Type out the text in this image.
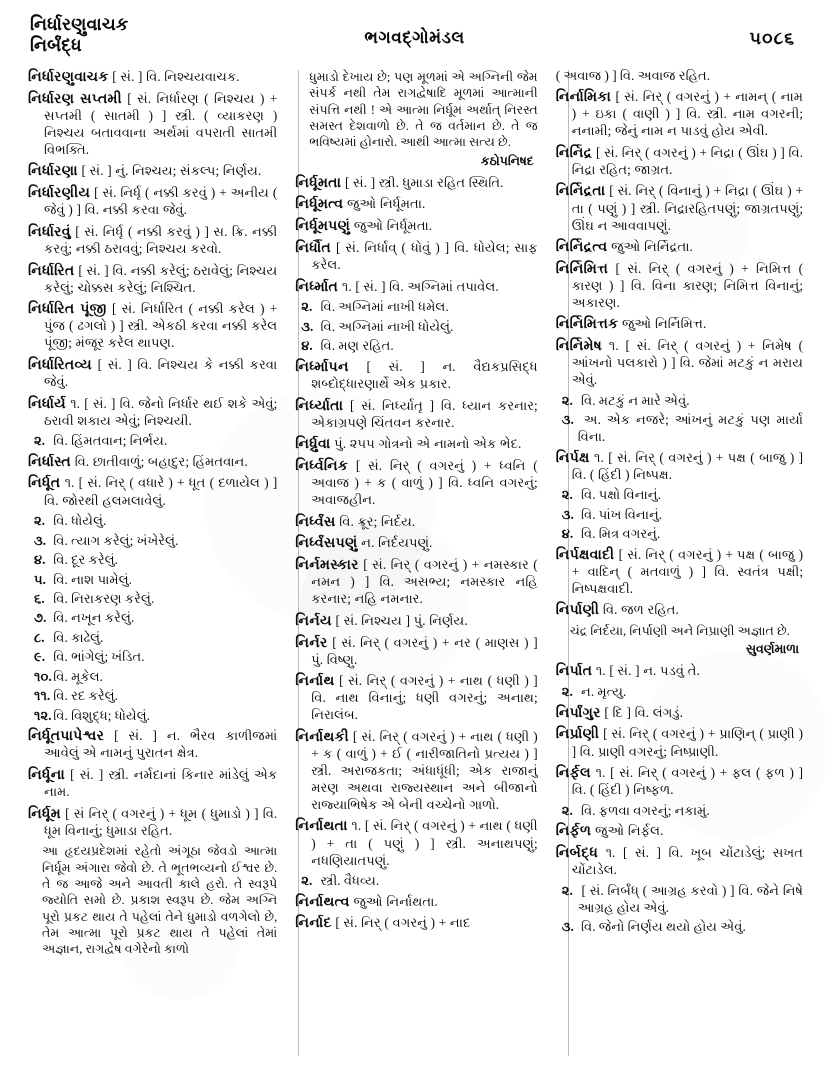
નિર્ધારણુવાચક
નિર્બંદ્ધ	ભગવદ્ગોમંડલ	૫૦૮૬

નિર્ધારણુવાચક [ સં. ] વિ. નિશ્ચયવાચક.

નિર્ધારણ સપ્તમી [ સં. નિર્ધારણ ( નિશ્ચય ) + સપ્તમી ( સાતમી ) ] સ્ત્રી. ( વ્યાકરણ ) નિશ્ચય બતાવવાના અર્થમાં વપરાતી સાતમી વિભક્તિ.

નિર્ધારણા [ સં. ] નું. નિશ્ચય; સંકલ્પ; નિર્ણય.

નિર્ધારણીય [ સં. નિર્ધૃ ( નક્કી કરવું ) + અનીય ( જેવું ) ] વિ. નક્કી કરવા જેવું.

નિર્ધારવું [ સં. નિર્ધૃ ( નક્કી કરવું ) ] સ. ક્રિ. નક્કી કરવું; નક્કી ઠરાવવું; નિશ્ચય કરવો.

નિર્ધારિત [ સં. ] વિ. નક્કી કરેલું; ઠરાવેલું; નિશ્ચય કરેલું; ચોક્કસ કરેલું; નિશ્ચિત.

નિર્ધારિત પૂંજી [ સં. નિર્ધારિત ( નક્કી કરેલ ) + પુંજ ( ઢગલો ) ] સ્ત્રી. એકઠી કરવા નક્કી કરેલ પૂંજી; મંજૂર કરેલ થાપણ.

નિર્ધારિતવ્ય [ સં. ] વિ. નિશ્ચય કે નક્કી કરવા જેવું.

નિર્ધાર્ય ૧. [ સં. ] વિ. જેનો નિર્ધાર થઈ શકે એવું; ઠરાવી શકાય એવું; નિશ્ચયી.

૨. વિ. હિંમતવાન; નિર્ભય.

નિર્ધાસ્ત વિ. છાતીવાળું; બહાદુર; હિંમતવાન.

નિર્ધૂત ૧. [ સં. નિર્ ( વધારે ) + ધૂત ( દળાયેલ ) ] વિ. જોરથી હલમલાવેલું.

૨. વિ. ધોયેલું.

૩. વિ. ત્યાગ કરેલું; ખંખેરેલું.

૪. વિ. દૂર કરેલું.

૫. વિ. નાશ પામેલું.

૬. વિ. નિરાકરણ કરેલું.

૭. વિ. નખૂન કરેલું.

૮. વિ. કાઢેલું.

૯. વિ. ભાંગેલું; ખંડિત.

૧૦. વિ. મૂકેલ.

૧૧. વિ. રદ કરેલું.

૧૨. વિ. વિશુદ્ધ; ધોયેલું.

નિર્ધૂતપાપેશ્વર [ સં. ] ન. ભૈરવ કાળીજમાં આવેલું એ નામનું પુરાતન ક્ષેત્ર.

નિર્ધૂના [ સં. ] સ્ત્રી. નર્મદાનાં કિનાર માંડેલું એક નામ.

નિર્ધૂમ [ સં નિર્ ( વગરનું ) + ધૂમ ( ધુમાડો ) ] વિ. ધૂમ વિનાનું; ધુમાડા રહિત.

આ હૃદયપ્રદેશમાં રહેતો અંગૂઠા જેવડો આત્મા નિર્ધૂમ અંગારા જેવો છે. તે ભૂતભવ્યનો ઈશ્વર છે. તે જ આજે અને આવતી કાલે હરો. તે સ્વરૂપે જ્યોતિ સમો છે. પ્રકાશ સ્વરૂપ છે. જેમ અગ્નિ પૂરો પ્રકટ થાય તે પહેલાં તેને ધુમાડો વળગેલો છે, તેમ આત્મા પૂરો પ્રકટ થાય તે પહેલાં તેમાં અજ્ઞાન, રાગદ્વેષ વગેરેનો કાળો

ધુમાડો દેખાય છે; પણ મૂળમાં એ અગ્નિની જેમ સંપર્ક નથી તેમ રાગદ્વેષાદિ મૂળમાં આત્માની સંપત્તિ નથી ! એ આત્મા નિર્ધૂમ અર્થાત્ નિરસ્ત સમસ્ત દેશવાળો છે. તે જ વર્તમાન છે. તે જ ભવિષ્યમાં હોનારો. આથી આત્મા સત્ય છે.

કઠોપનિષદ

નિર્ધૂમતા [ સં. ] સ્ત્રી. ધુમાડા રહિત સ્થિતિ.

નિર્ધૂમત્વ જુઓ નિર્ધૂમતા.

નિર્ધૂમપણું જુઓ નિર્ધૂમતા.

નિર્ધૌત [ સં. નિર્ધાવ્ ( ધોવું ) ] વિ. ધોયેલ; સાફ કરેલ.

નિર્ધ્માત ૧. [ સં. ] વિ. અગ્નિમાં તપાવેલ.

૨. વિ. અગ્નિમાં નાખી ધમેલ.

૩. વિ. અગ્નિમાં નાખી ધોયેલું.

૪. વિ. મણ રહિત.

નિર્ધ્માપન [ સં. ] ન. વૈદ્યકપ્રસિદ્ધ શબ્દોદ્ધારણાર્થે એક પ્રકાર.

નિર્ધ્યાતા [ સં. નિર્ધ્યાતૃ ] વિ. ધ્યાન કરનાર; એકાગ્રપણે ચિંતવન કરનાર.

નિર્ધ્રુવા પું. ૨૫૫ ગોત્રનો એ નામનો એક ભેદ.

નિર્ધ્વનિક [ સં. નિર્ ( વગરનું ) + ધ્વનિ ( અવાજ ) + ક ( વાળું ) ] વિ. ધ્વનિ વગરનું; અવાજહીન.

નિર્ધ્વંસ વિ. ક્રૂર; નિર્દય.

નિર્ધ્વંસપણું ન. નિર્દયપણું.

નિર્નમસ્કાર [ સં. નિર્ ( વગરનું ) + નમસ્કાર ( નમન ) ] વિ. અસભ્ય; નમસ્કાર નહિ કરનાર; નહિ નમનાર.

નિર્નય [ સં. નિશ્ચય ] પું. નિર્ણય.

નિર્નર [ સં. નિર્ ( વગરનું ) + નર ( માણસ ) ] પું. વિષ્ણુ.

નિર્નાથ [ સં. નિર્ ( વગરનું ) + નાથ ( ધણી ) ] વિ. નાથ વિનાનું; ધણી વગરનું; અનાથ; નિરાલંબ.

નિર્નાથકી [ સં. નિર્ ( વગરનું ) + નાથ ( ધણી ) + ક ( વાળું ) + ઈ ( નારીજાતિનો પ્રત્યય ) ] સ્ત્રી. અરાજકતા; અંધાધૂંધી; એક રાજાનું મરણ અથવા રાજ્યસ્થાન અને બીજાનો રાજ્યાભિષેક એ બેની વચ્ચેનો ગાળો.

નિર્નાથતા ૧. [ સં. નિર્ ( વગરનું ) + નાથ ( ધણી ) + તા ( પણું ) ] સ્ત્રી. અનાથપણું; નધણિયાતપણું.

૨. સ્ત્રી. વૈધવ્ય.

નિર્નાથત્વ જુઓ નિર્નાથતા.

નિર્નાદ [ સં. નિર્ ( વગરનું ) + નાદ

( અવાજ ) ] વિ. અવાજ રહિત.

નિર્નામિકા [ સં. નિર્ ( વગરનું ) + નામન્ ( નામ ) + ઇકા ( વાણી ) ] વિ. સ્ત્રી. નામ વગરની; નનામી; જેનું નામ ન પાડવું હોય એવી.

નિર્નિદ્ર [ સં. નિર્ ( વગરનું ) + નિદ્રા ( ઊંઘ ) ] વિ. નિદ્રા રહિત; જાગ્રત.

નિર્નિદ્રતા [ સં. નિર્ ( વિનાનું ) + નિદ્રા ( ઊંઘ ) + તા ( પણું ) ] સ્ત્રી. નિદ્રારહિતપણું; જાગ્રતપણું; ઊંઘ ન આવવાપણું.

નિર્નિદ્રત્વ જુઓ નિર્નિદ્રતા.

નિર્નિમિત્ત [ સં. નિર્ ( વગરનું ) + નિમિત્ત ( કારણ ) ] વિ. વિના કારણ; નિમિત્ત વિનાનું; અકારણ.

નિર્નિમિત્તક જુઓ નિર્નિમિત્ત.

નિર્નિમેષ ૧. [ સં. નિર્ ( વગરનું ) + નિમેષ ( આંખનો પલકારો ) ] વિ. જેમાં મટકું ન મરાય એવું.

૨. વિ. મટકું ન મારે એવું.

૩. અ. એક નજરે; આંખનું મટકું પણ માર્યા વિના.

નિર્પક્ષ ૧. [ સં. નિર્ ( વગરનું ) + પક્ષ ( બાજુ ) ] વિ. ( હિંદી ) નિષ્પક્ષ.

૨. વિ. પક્ષો વિનાનું.

૩. વિ. પાંખ વિનાનું.

૪. વિ. મિત્ર વગરનું.

નિર્પક્ષવાદી [ સં. નિર્ ( વગરનું ) + પક્ષ ( બાજુ ) + વાદિન્ ( મતવાળું ) ] વિ. સ્વતંત્ર પક્ષી; નિષ્પક્ષવાદી.

નિર્પાણી વિ. જળ રહિત.

ચંદ્ર નિર્દયા, નિર્પાણી અને નિપ્રાણી અજ્ઞાત છે.

સુવર્ણમાળા

નિર્પાત ૧. [ સં. ] ન. પડવું તે.

૨. ન. મૃત્યુ.

નિર્પાંગુર [ દિ ] વિ. લંગડું.

નિર્પ્રાણી [ સં. નિર્ ( વગરનું ) + પ્રાણિન્ ( પ્રાણી ) ] વિ. પ્રાણી વગરનું; નિષ્પ્રાણી.

નિર્ફલ ૧. [ સં. નિર્ ( વગરનું ) + ફલ ( ફળ ) ] વિ. ( હિંદી ) નિષ્ફળ.

૨. વિ. ફળવા વગરનું; નકામું.

નિર્ફળ જુઓ નિર્ફલ.

નિર્બદ્ધ ૧. [ સં. ] વિ. ખૂબ ચોંટાડેલું; સખત ચોંટાડેલ.

૨. [ સં. નિર્બંધ્ ( આગ્રહ કરવો ) ] વિ. જેને નિષે આગ્રહ હોય એવું.

૩. વિ. જેનો નિર્ણય થયો હોય એવું.
